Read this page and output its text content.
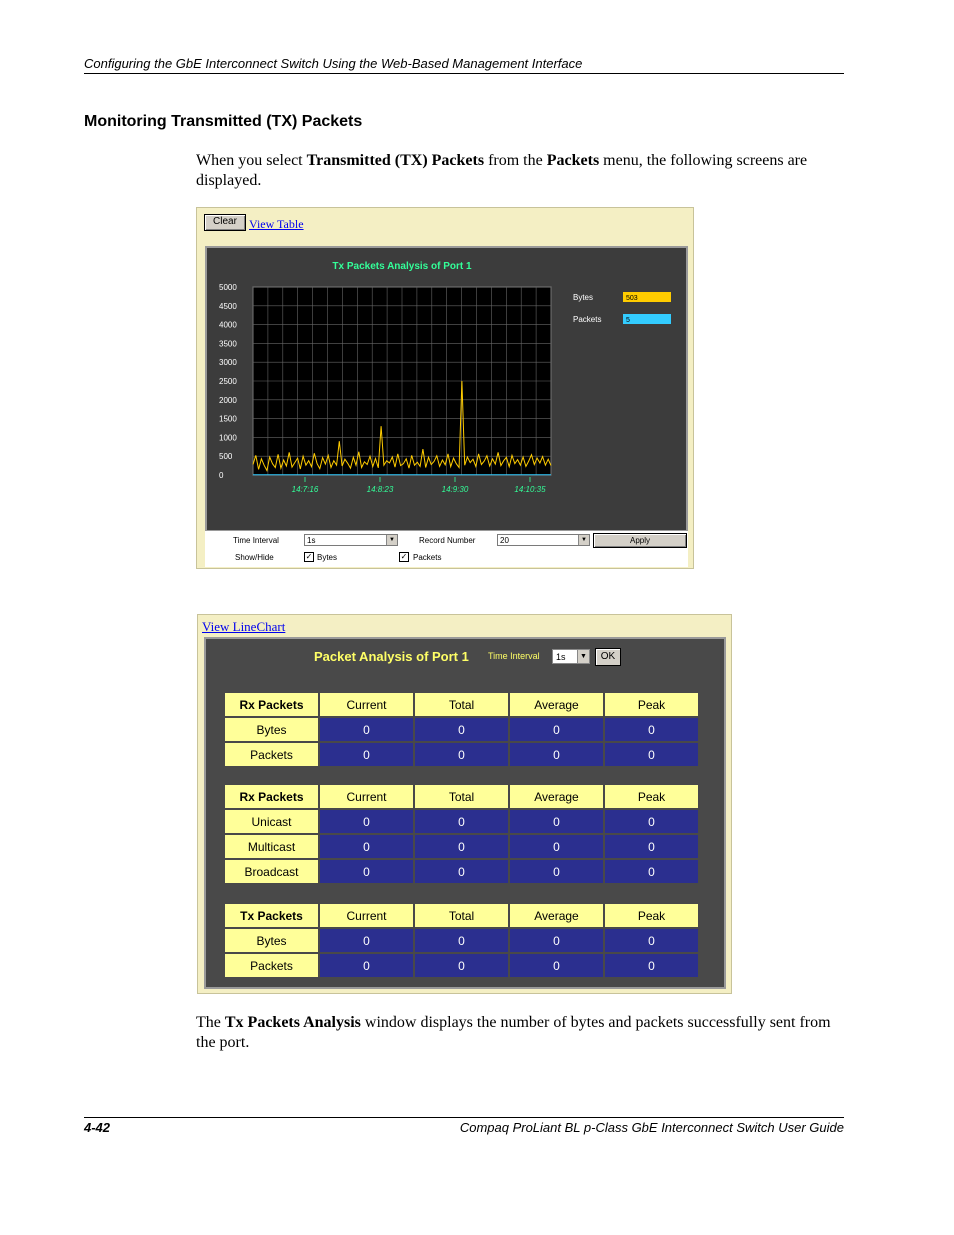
Configuring the GbE Interconnect Switch Using the Web-Based Management Interface
Monitoring Transmitted (TX) Packets
When you select Transmitted (TX) Packets from the Packets menu, the following screens are displayed.
Clear	View Table
Tx Packets Analysis of Port 1
5000
4500
4000
3500
3000
2500
2000
1500
1000
500
0
14:7:16	14:8:23	14:9:30	14:10:35
Bytes	503
Packets	5
Time Interval	1s	▼	Record Number	20	▼	Apply
Show/Hide	✓ Bytes	✓ Packets
View LineChart
Packet Analysis of Port 1 Time Interval	1s	▼	OK
Rx Packets	Current	Total	Average	Peak
Bytes	0	0	0	0
Packets	0	0	0	0
Rx Packets	Current	Total	Average	Peak
Unicast	0	0	0	0
Multicast	0	0	0	0
Broadcast	0	0	0	0
Tx Packets	Current	Total	Average	Peak
Bytes	0	0	0	0
Packets	0	0	0	0
The Tx Packets Analysis window displays the number of bytes and packets successfully sent from the port.
4-42	Compaq ProLiant BL p-Class GbE Interconnect Switch User Guide
